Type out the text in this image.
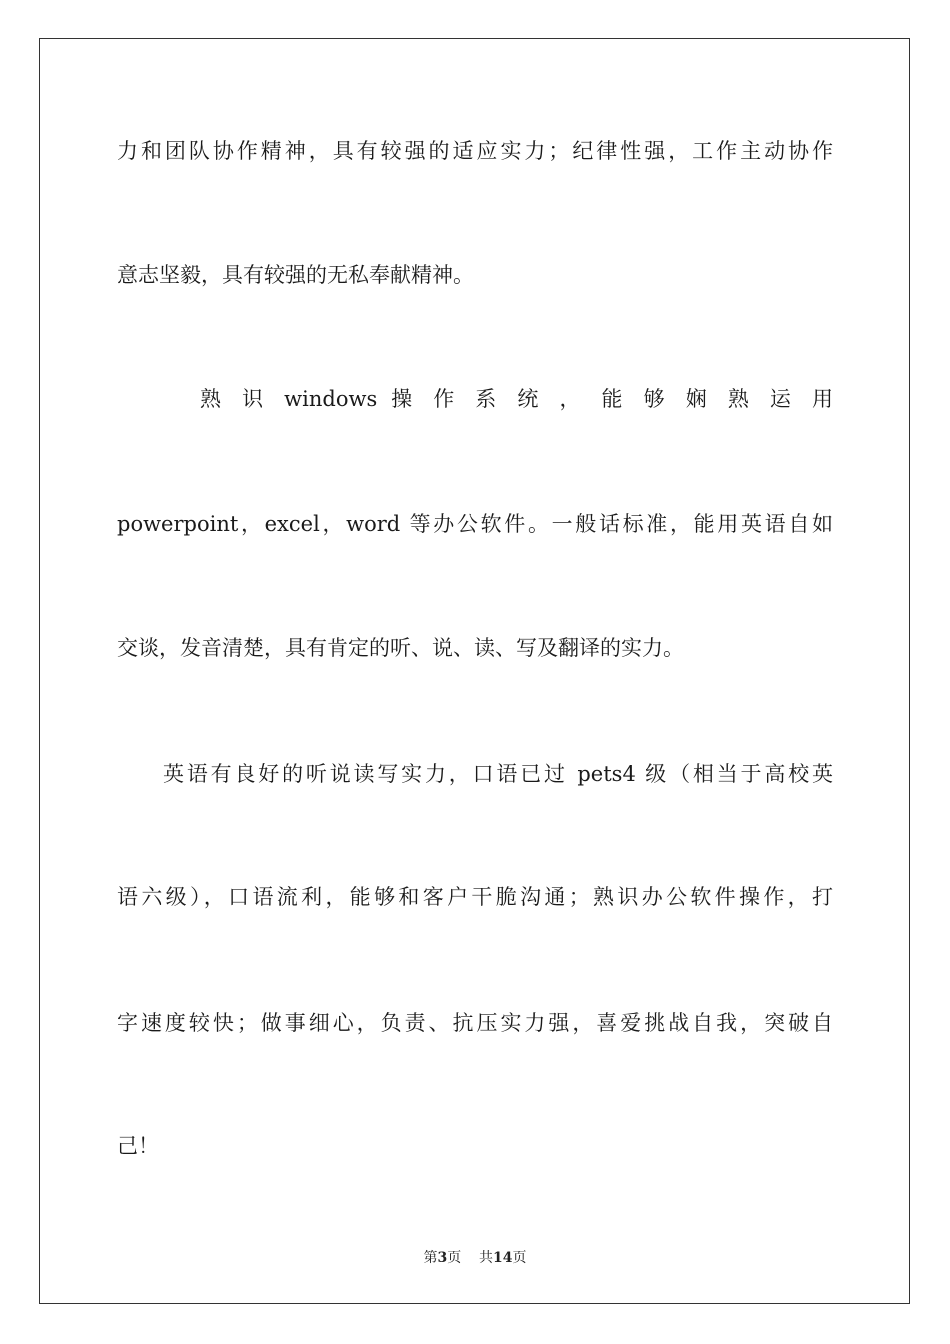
力和团队协作精神，具有较强的适应实力；纪律性强，工作主动协作
意志坚毅，具有较强的无私奉献精神。
熟 识 windows 操 作 系 统 ， 能 够 娴 熟 运 用
powerpoint，excel，word 等办公软件。一般话标准，能用英语自如
交谈，发音清楚，具有肯定的听、说、读、写及翻译的实力。
英语有良好的听说读写实力，口语已过 pets4 级（相当于高校英
语六级），口语流利，能够和客户干脆沟通；熟识办公软件操作，打
字速度较快；做事细心，负责、抗压实力强，喜爱挑战自我，突破自
己！
第3页 共14页
